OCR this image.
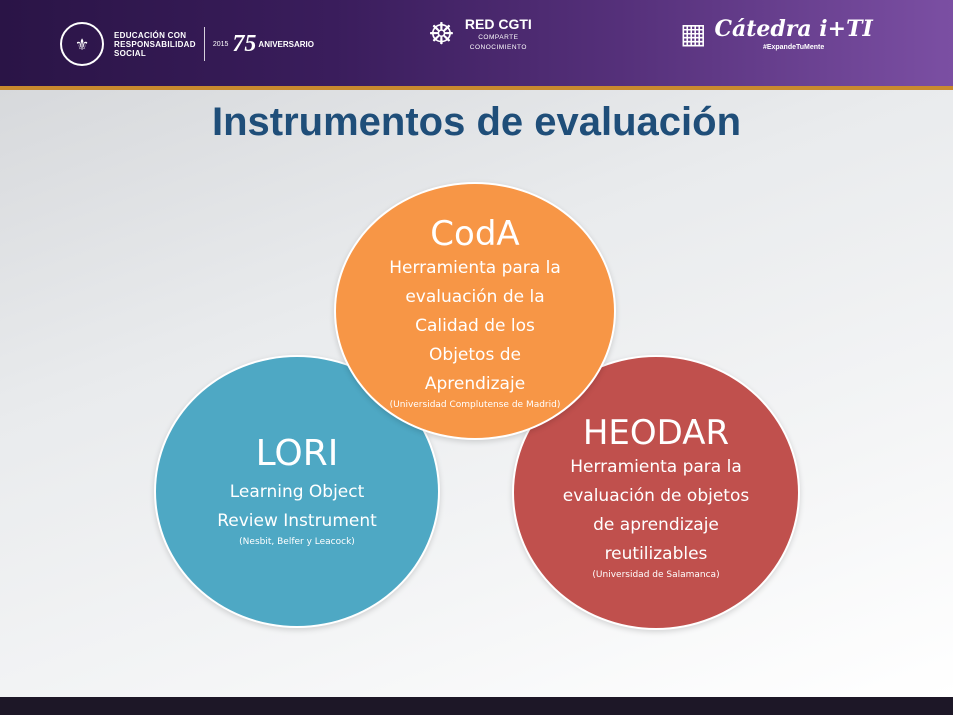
⚜	EDUCACIÓN CON
RESPONSABILIDAD
SOCIAL
2015 75 ANIVERSARIO	☸ RED CGTI
COMPARTE
CONOCIMIENTO	▦ Cátedra i+TI
#ExpandeTuMente
Instrumentos de evaluación
LORI
Learning Object Review Instrument
(Nesbit, Belfer y Leacock)
HEODAR
Herramienta para la evaluación de objetos de aprendizaje reutilizables
(Universidad de Salamanca)
CodA
Herramienta para la evaluación de la Calidad de los Objetos de Aprendizaje
(Universidad Complutense de Madrid)
